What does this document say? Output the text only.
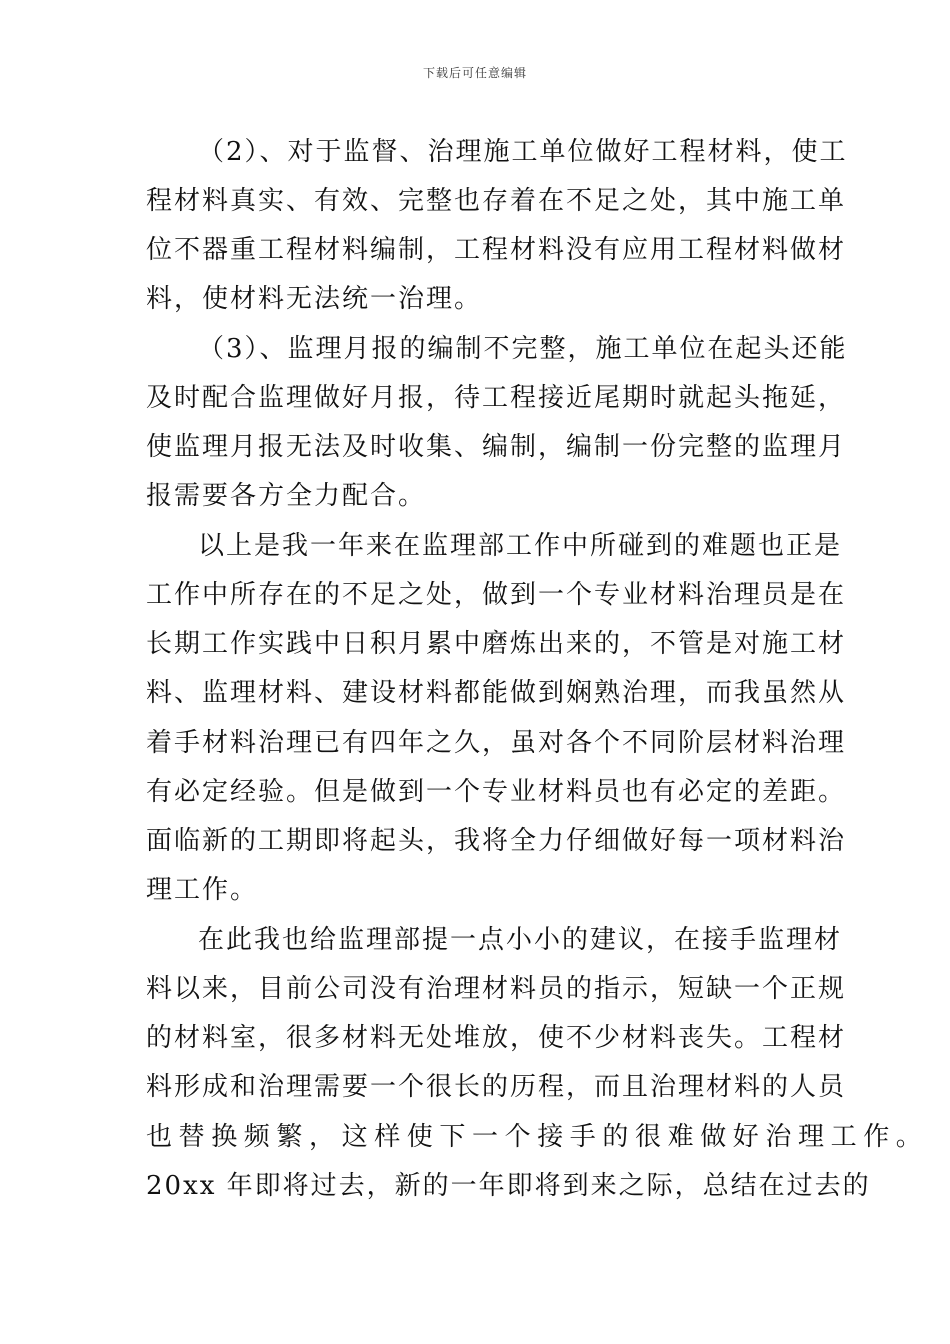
下载后可任意编辑
（2）、对于监督、治理施工单位做好工程材料，使工
程材料真实、有效、完整也存着在不足之处，其中施工单
位不器重工程材料编制，工程材料没有应用工程材料做材
料，使材料无法统一治理。
（3）、监理月报的编制不完整，施工单位在起头还能
及时配合监理做好月报，待工程接近尾期时就起头拖延，
使监理月报无法及时收集、编制，编制一份完整的监理月
报需要各方全力配合。
以上是我一年来在监理部工作中所碰到的难题也正是
工作中所存在的不足之处，做到一个专业材料治理员是在
长期工作实践中日积月累中磨炼出来的，不管是对施工材
料、监理材料、建设材料都能做到娴熟治理，而我虽然从
着手材料治理已有四年之久，虽对各个不同阶层材料治理
有必定经验。但是做到一个专业材料员也有必定的差距。
面临新的工期即将起头，我将全力仔细做好每一项材料治
理工作。
在此我也给监理部提一点小小的建议，在接手监理材
料以来，目前公司没有治理材料员的指示，短缺一个正规
的材料室，很多材料无处堆放，使不少材料丧失。工程材
料形成和治理需要一个很长的历程，而且治理材料的人员
也替换频繁，这样使下一个接手的很难做好治理工作。
20xx 年即将过去，新的一年即将到来之际，总结在过去的
